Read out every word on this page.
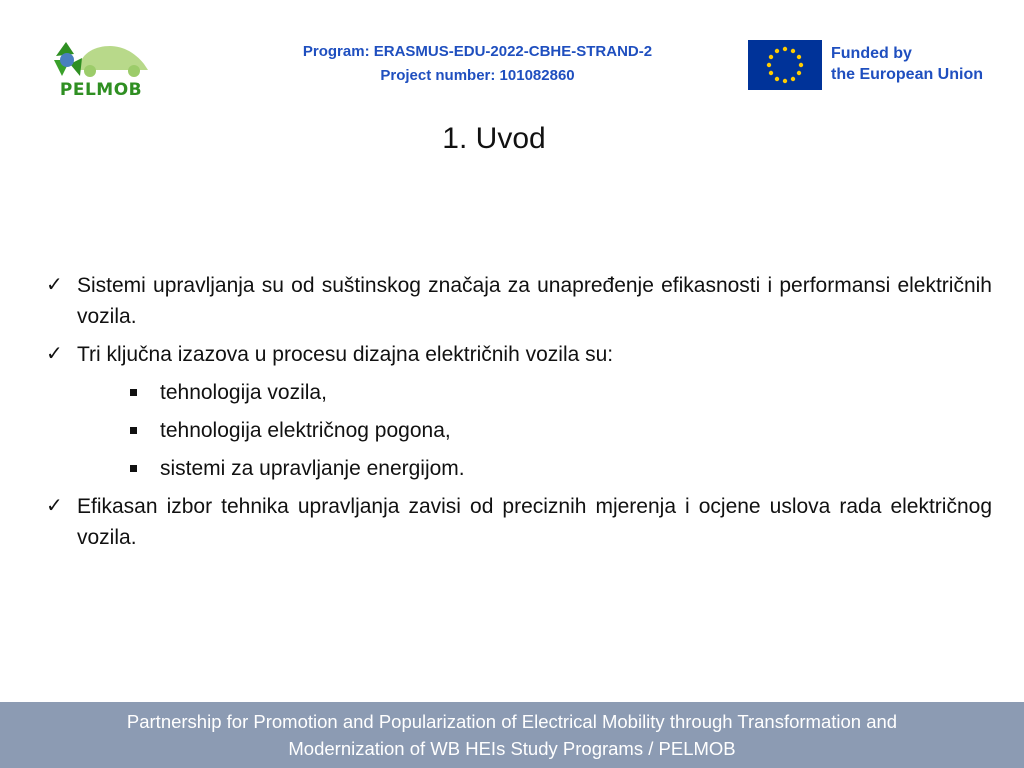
PELMOB
Program: ERASMUS-EDU-2022-CBHE-STRAND-2
Project number: 101082860
Funded by
the European Union
1. Uvod
✓ Sistemi upravljanja su od suštinskog značaja za unapređenje efikasnosti i performansi električnih vozila.
✓ Tri ključna izazova u procesu dizajna električnih vozila su:
tehnologija vozila,
tehnologija električnog pogona,
sistemi za upravljanje energijom.
✓ Efikasan izbor tehnika upravljanja zavisi od preciznih mjerenja i ocjene uslova rada električnog vozila.
Partnership for Promotion and Popularization of Electrical Mobility through Transformation and
Modernization of WB HEIs Study Programs / PELMOB
